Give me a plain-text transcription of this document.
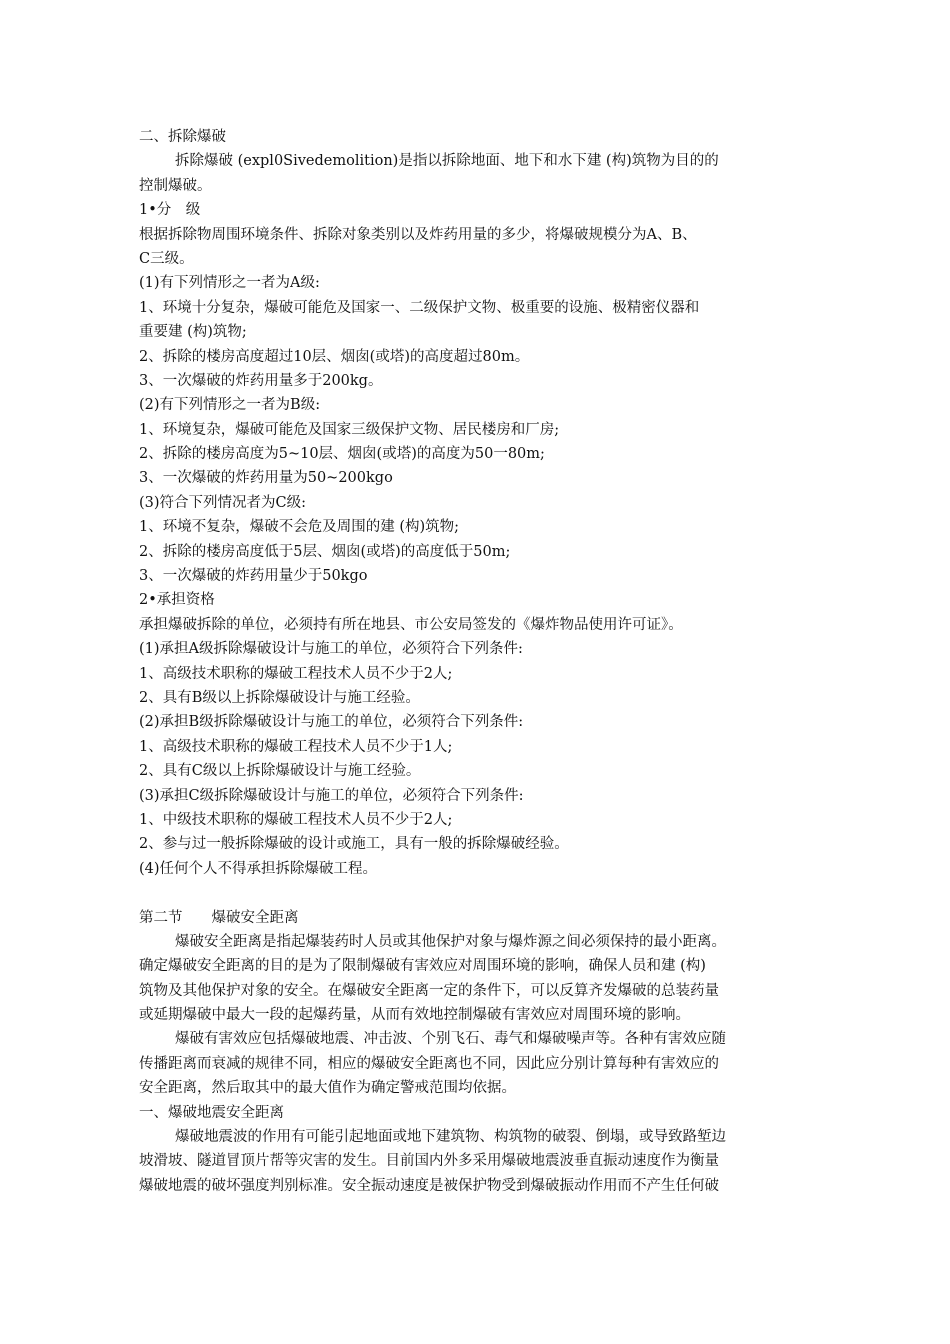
二、拆除爆破
拆除爆破 (expl0Sivedemolition)是指以拆除地面、地下和水下建 (构)筑物为目的的
控制爆破。
1•分　级
根据拆除物周围环境条件、拆除对象类别以及炸药用量的多少，将爆破规模分为A、B、
C三级。
(1)有下列情形之一者为A级:
1、环境十分复杂，爆破可能危及国家一、二级保护文物、极重要的设施、极精密仪器和
重要建 (构)筑物;
2、拆除的楼房高度超过10层、烟囱(或塔)的高度超过80m。
3、一次爆破的炸药用量多于200kg。
(2)有下列情形之一者为B级:
1、环境复杂，爆破可能危及国家三级保护文物、居民楼房和厂房;
2、拆除的楼房高度为5~10层、烟囱(或塔)的高度为50一80m;
3、一次爆破的炸药用量为50~200kgo
(3)符合下列情况者为C级:
1、环境不复杂，爆破不会危及周围的建 (构)筑物;
2、拆除的楼房高度低于5层、烟囱(或塔)的高度低于50m;
3、一次爆破的炸药用量少于50kgo
2•承担资格
承担爆破拆除的单位，必须持有所在地县、市公安局签发的《爆炸物品使用许可证》。
(1)承担A级拆除爆破设计与施工的单位，必须符合下列条件:
1、高级技术职称的爆破工程技术人员不少于2人;
2、具有B级以上拆除爆破设计与施工经验。
(2)承担B级拆除爆破设计与施工的单位，必须符合下列条件:
1、高级技术职称的爆破工程技术人员不少于1人;
2、具有C级以上拆除爆破设计与施工经验。
(3)承担C级拆除爆破设计与施工的单位，必须符合下列条件:
1、中级技术职称的爆破工程技术人员不少于2人;
2、参与过一般拆除爆破的设计或施工，具有一般的拆除爆破经验。
(4)任何个人不得承担拆除爆破工程。
第二节　　爆破安全距离
爆破安全距离是指起爆装药时人员或其他保护对象与爆炸源之间必须保持的最小距离。
确定爆破安全距离的目的是为了限制爆破有害效应对周围环境的影响，确保人员和建 (构)
筑物及其他保护对象的安全。在爆破安全距离一定的条件下，可以反算齐发爆破的总装药量
或延期爆破中最大一段的起爆药量，从而有效地控制爆破有害效应对周围环境的影响。
爆破有害效应包括爆破地震、冲击波、个别飞石、毒气和爆破噪声等。各种有害效应随
传播距离而衰减的规律不同，相应的爆破安全距离也不同，因此应分别计算每种有害效应的
安全距离，然后取其中的最大值作为确定警戒范围均依据。
一、爆破地震安全距离
爆破地震波的作用有可能引起地面或地下建筑物、构筑物的破裂、倒塌，或导致路堑边
坡滑坡、隧道冒顶片帮等灾害的发生。目前国内外多采用爆破地震波垂直振动速度作为衡量
爆破地震的破坏强度判别标准。安全振动速度是被保护物受到爆破振动作用而不产生任何破
